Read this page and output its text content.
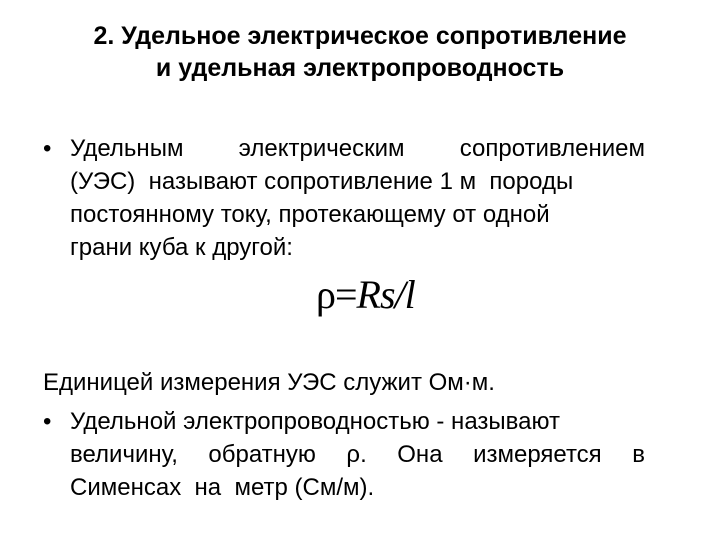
2. Удельное электрическое сопротивление
и удельная электропроводность
• Удельным электрическим сопротивлением
(УЭС)  называют сопротивление 1 м  породы
постоянному току, протекающему от одной
грани куба к другой:
ρ=Rs/l
Единицей измерения УЭС служит Ом·м.
• Удельной электропроводностью - называют
величину, обратную ρ. Она измеряется в
Сименсах  на  метр (См/м).
